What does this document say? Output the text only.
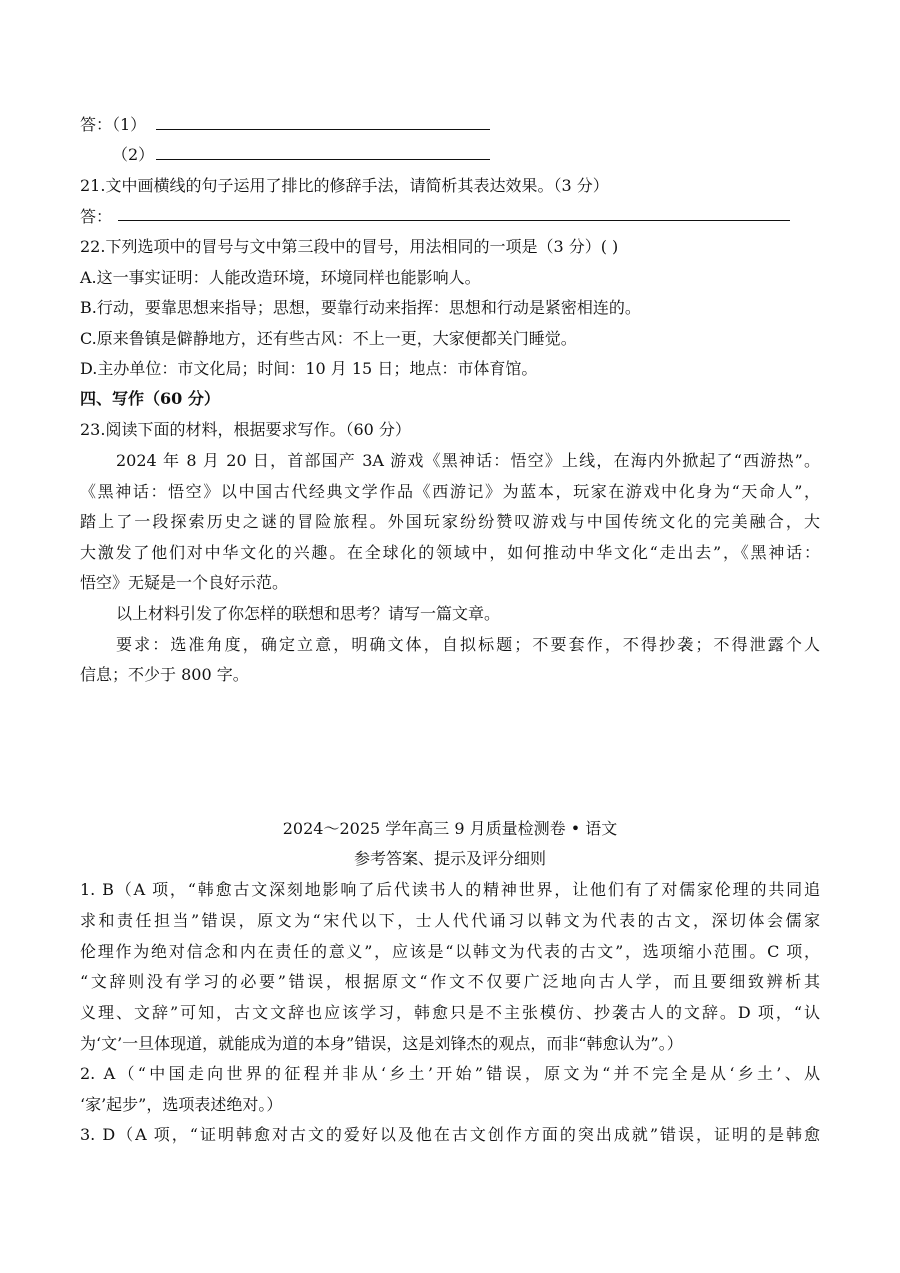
答：（1）
（2）
21.文中画横线的句子运用了排比的修辞手法，请简析其表达效果。（3 分）
答：
22.下列选项中的冒号与文中第三段中的冒号，用法相同的一项是（3 分）( )
A.这一事实证明：人能改造环境，环境同样也能影响人。
B.行动，要靠思想来指导；思想，要靠行动来指挥：思想和行动是紧密相连的。
C.原来鲁镇是僻静地方，还有些古风：不上一更，大家便都关门睡觉。
D.主办单位：市文化局；时间：10 月 15 日；地点：市体育馆。
四、写作（60 分）
23.阅读下面的材料，根据要求写作。（60 分）
2024 年 8 月 20 日，首部国产 3A 游戏《黑神话：悟空》上线，在海内外掀起了“西游热”。
《黑神话：悟空》以中国古代经典文学作品《西游记》为蓝本，玩家在游戏中化身为“天命人”，
踏上了一段探索历史之谜的冒险旅程。外国玩家纷纷赞叹游戏与中国传统文化的完美融合，大
大激发了他们对中华文化的兴趣。在全球化的领域中，如何推动中华文化“走出去”，《黑神话：
悟空》无疑是一个良好示范。
以上材料引发了你怎样的联想和思考？请写一篇文章。
要求：选准角度，确定立意，明确文体，自拟标题；不要套作，不得抄袭；不得泄露个人
信息；不少于 800 字。
2024～2025 学年高三 9 月质量检测卷 • 语文
参考答案、提示及评分细则
1. B（A 项，“韩愈古文深刻地影响了后代读书人的精神世界，让他们有了对儒家伦理的共同追
求和责任担当”错误，原文为“宋代以下，士人代代诵习以韩文为代表的古文，深切体会儒家
伦理作为绝对信念和内在责任的意义”，应该是“以韩文为代表的古文”，选项缩小范围。C 项，
“文辞则没有学习的必要”错误，根据原文“作文不仅要广泛地向古人学，而且要细致辨析其
义理、文辞”可知，古文文辞也应该学习，韩愈只是不主张模仿、抄袭古人的文辞。D 项，“认
为‘文’一旦体现道，就能成为道的本身”错误，这是刘锋杰的观点，而非“韩愈认为”。）
2. A（“中国走向世界的征程并非从‘乡土’开始”错误，原文为“并不完全是从‘乡土’、从
‘家’起步”，选项表述绝对。）
3. D（A 项，“证明韩愈对古文的爱好以及他在古文创作方面的突出成就”错误，证明的是韩愈
